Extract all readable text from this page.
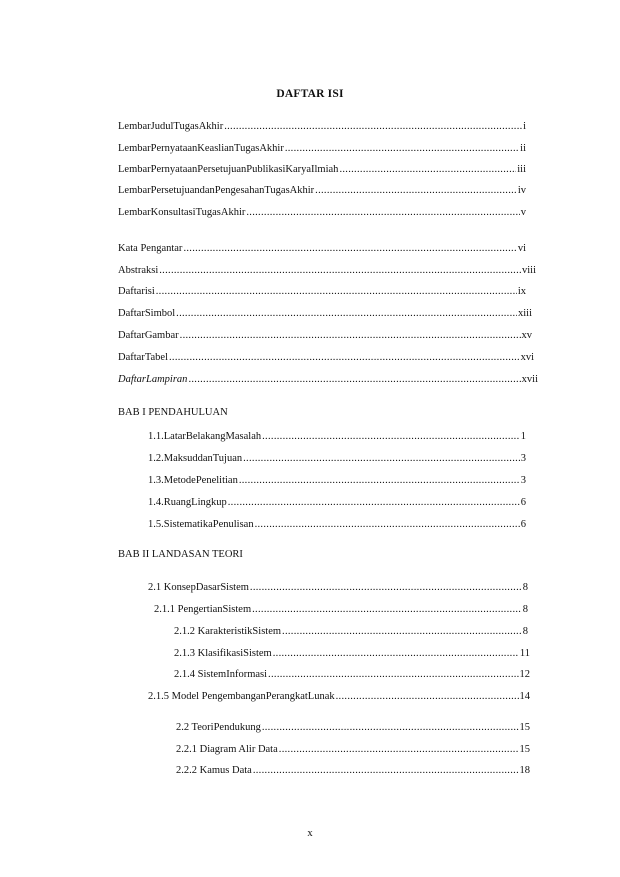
DAFTAR ISI
LembarJudulTugasAkhir .....	i
LembarPernyataanKeaslianTugasAkhir .....	ii
LembarPernyataanPersetujuanPublikasiKaryaIlmiah .....	iii
LembarPersetujuandanPengesahanTugasAkhir .....	iv
LembarKonsultasiTugasAkhir .....	v
Kata Pengantar .....	vi
Abstraksi .....	viii
Daftarisi .....	ix
DaftarSimbol .....	xiii
DaftarGambar .....	xv
DaftarTabel .....	xvi
DaftarLampiran .....	xvii
BAB I PENDAHULUAN
1.1.LatarBelakangMasalah .....	1
1.2.MaksuddanTujuan .....	3
1.3.MetodePenelitian .....	3
1.4.RuangLingkup .....	6
1.5.SistematikaPenulisan .....	6
BAB II LANDASAN TEORI
2.1 KonsepDasarSistem .....	8
2.1.1 PengertianSistem .....	8
2.1.2 KarakteristikSistem .....	8
2.1.3 KlasifikasiSistem .....	11
2.1.4 SistemInformasi .....	12
2.1.5 Model PengembanganPerangkatLunak .....	14
2.2 TeoriPendukung .....	15
2.2.1 Diagram Alir Data .....	15
2.2.2 Kamus Data .....	18
x
